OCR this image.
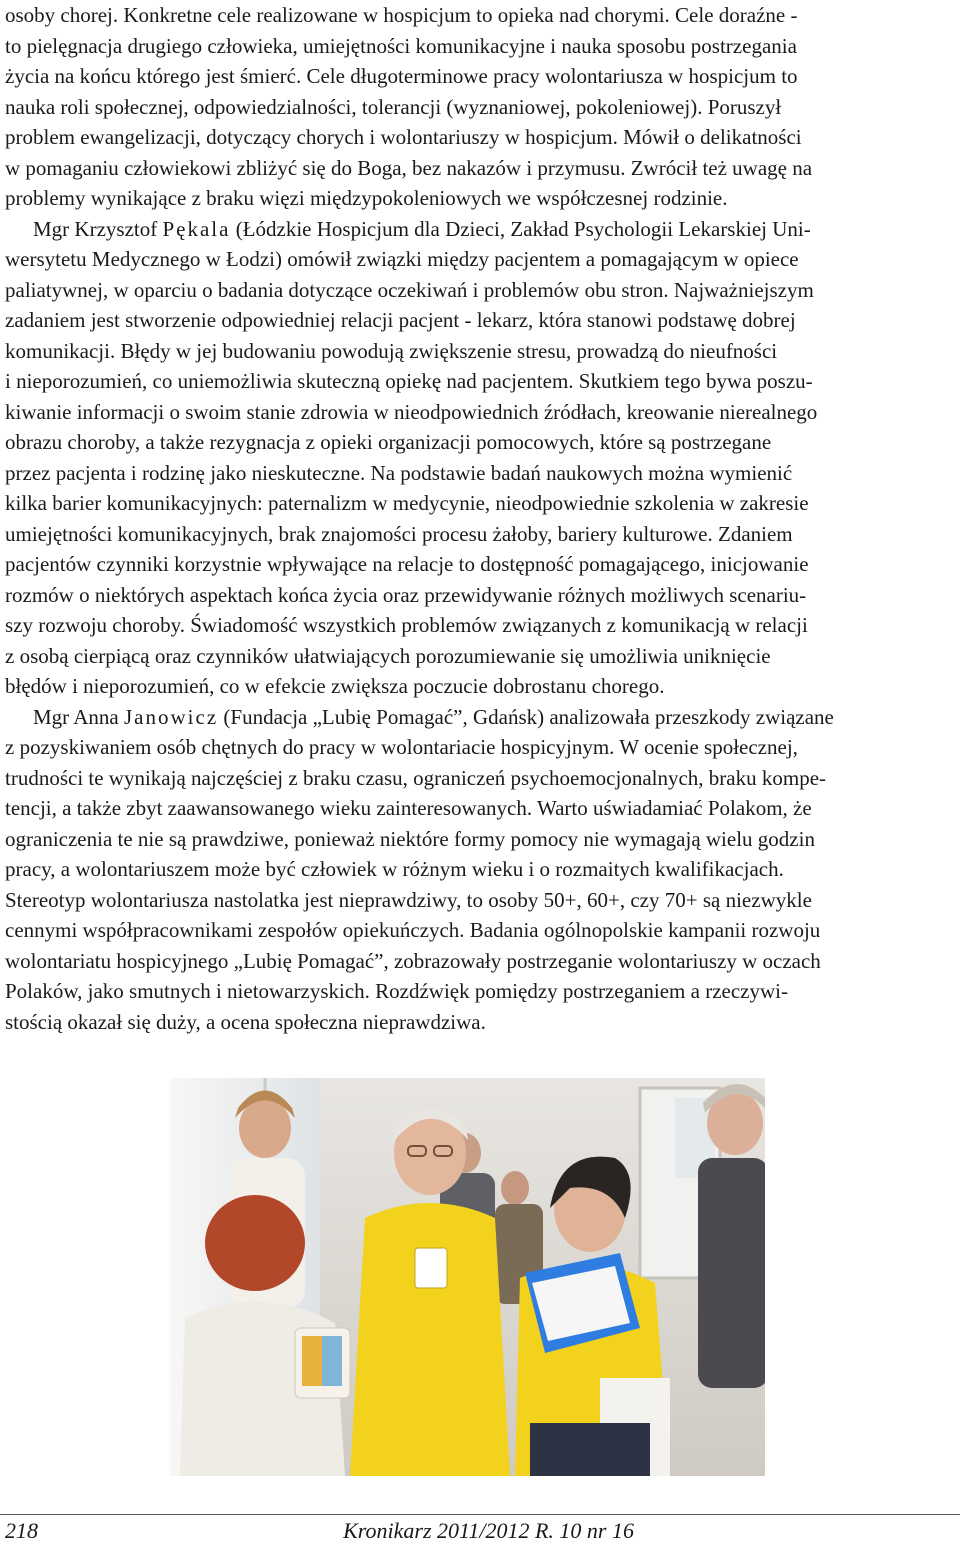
osoby chorej. Konkretne cele realizowane w hospicjum to opieka nad chorymi. Cele doraźne -
to pielęgnacja drugiego człowieka, umiejętności komunikacyjne i nauka sposobu postrzegania
życia na końcu którego jest śmierć. Cele długoterminowe pracy wolontariusza w hospicjum to
nauka roli społecznej, odpowiedzialności, tolerancji (wyznaniowej, pokoleniowej). Poruszył
problem ewangelizacji, dotyczący chorych i wolontariuszy w hospicjum. Mówił o delikatności
w pomaganiu człowiekowi zbliżyć się do Boga, bez nakazów i przymusu. Zwrócił też uwagę na
problemy wynikające z braku więzi międzypokoleniowych we współczesnej rodzinie.
Mgr Krzysztof Pękala (Łódzkie Hospicjum dla Dzieci, Zakład Psychologii Lekarskiej Uni-
wersytetu Medycznego w Łodzi) omówił związki między pacjentem a pomagającym w opiece
paliatywnej, w oparciu o badania dotyczące oczekiwań i problemów obu stron. Najważniejszym
zadaniem jest stworzenie odpowiedniej relacji pacjent - lekarz, która stanowi podstawę dobrej
komunikacji. Błędy w jej budowaniu powodują zwiększenie stresu, prowadzą do nieufności
i nieporozumień, co uniemożliwia skuteczną opiekę nad pacjentem. Skutkiem tego bywa poszu-
kiwanie informacji o swoim stanie zdrowia w nieodpowiednich źródłach, kreowanie nierealnego
obrazu choroby, a także rezygnacja z opieki organizacji pomocowych, które są postrzegane
przez pacjenta i rodzinę jako nieskuteczne. Na podstawie badań naukowych można wymienić
kilka barier komunikacyjnych: paternalizm w medycynie, nieodpowiednie szkolenia w zakresie
umiejętności komunikacyjnych, brak znajomości procesu żałoby, bariery kulturowe. Zdaniem
pacjentów czynniki korzystnie wpływające na relacje to dostępność pomagającego, inicjowanie
rozmów o niektórych aspektach końca życia oraz przewidywanie różnych możliwych scenariu-
szy rozwoju choroby. Świadomość wszystkich problemów związanych z komunikacją w relacji
z osobą cierpiącą oraz czynników ułatwiających porozumiewanie się umożliwia uniknięcie
błędów i nieporozumień, co w efekcie zwiększa poczucie dobrostanu chorego.
Mgr Anna Janowicz (Fundacja „Lubię Pomagać”, Gdańsk) analizowała przeszkody związane
z pozyskiwaniem osób chętnych do pracy w wolontariacie hospicyjnym. W ocenie społecznej,
trudności te wynikają najczęściej z braku czasu, ograniczeń psychoemocjonalnych, braku kompe-
tencji, a także zbyt zaawansowanego wieku zainteresowanych. Warto uświadamiać Polakom, że
ograniczenia te nie są prawdziwe, ponieważ niektóre formy pomocy nie wymagają wielu godzin
pracy, a wolontariuszem może być człowiek w różnym wieku i o rozmaitych kwalifikacjach.
Stereotyp wolontariusza nastolatka jest nieprawdziwy, to osoby 50+, 60+, czy 70+ są niezwykle
cennymi współpracownikami zespołów opiekuńczych. Badania ogólnopolskie kampanii rozwoju
wolontariatu hospicyjnego „Lubię Pomagać”, zobrazowały postrzeganie wolontariuszy w oczach
Polaków, jako smutnych i nietowarzyskich. Rozdźwięk pomiędzy postrzeganiem a rzeczywi-
stością okazał się duży, a ocena społeczna nieprawdziwa.
218	Kronikarz 2011/2012 R. 10 nr 16
